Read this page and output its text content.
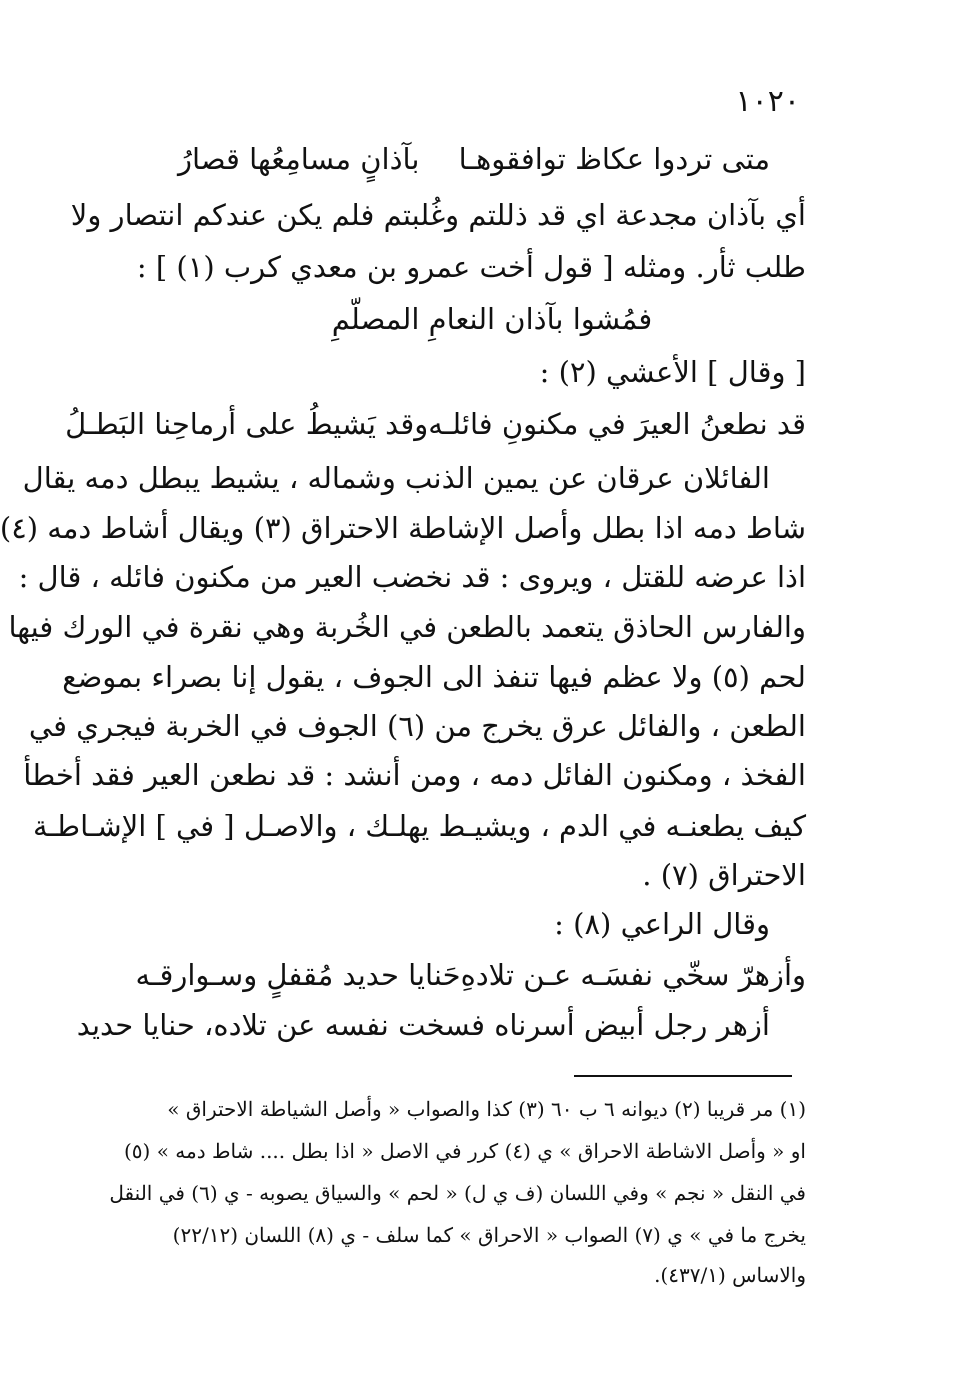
١٠٢٠
متى تردوا عكاظ توافقوهـا
بآذانٍ مسامِعُها قصارُ
أي بآذان مجدعة اي قد ذللتم وغُلبتم فلم يكن عندكم انتصار ولا
طلب ثأر. ومثله [ قول أخت عمرو بن معدي كرب (١) ] :
فمُشوا بآذان النعامِ المصلّمِ
[ وقال ] الأعشي (٢) :
قد نطعنُ العيرَ في مكنونِ فائلـه
وقد يَشيطُ على أرماحِنا البَطـلُ
الفائلان عرقان عن يمين الذنب وشماله ، يشيط يبطل دمه يقال
شاط دمه اذا بطل وأصل الإشاطة الاحتراق (٣) ويقال أشاط دمه (٤)
اذا عرضه للقتل ، ويروى : قد نخضب العير من مكنون فائله ، قال :
والفارس الحاذق يتعمد بالطعن في الخُربة وهي نقرة في الورك فيها
لحم (٥) ولا عظم فيها تنفذ الى الجوف ، يقول إنا بصراء بموضع
الطعن ، والفائل عرق يخرج من (٦) الجوف في الخربة فيجري في
الفخذ ، ومكنون الفائل دمه ، ومن أنشد : قد نطعن العير فقد أخطأ
كيف يطعنـه في الدم ، ويشيـط يهلـك ، والاصـل [ في ] الإشـاطـة
الاحتراق (٧) .
وقال الراعي (٨) :
وأزهرّ سخّي نفسَـه عـن تلادهِ
حَنايا حديد مُقفلٍ وسـوارقـه
أزهر رجل أبيض أسرناه فسخت نفسه عن تلاده، حنايا حديد
(١) مر قريبا (٢) ديوانه ٦ ب ٦٠ (٣) كذا والصواب « وأصل الشياطة الاحتراق »
او « وأصل الاشاطة الاحراق » ي (٤) كرر في الاصل « اذا بطل .... شاط دمه » (٥)
في النقل « نجم » وفي اللسان (ف ي ل) « لحم » والسياق يصوبه - ي (٦) في النقل
يخرج ما في » ي (٧) الصواب « الاحراق » كما سلف - ي (٨) اللسان (٢٢/١٢)
والاساس (٤٣٧/١).
